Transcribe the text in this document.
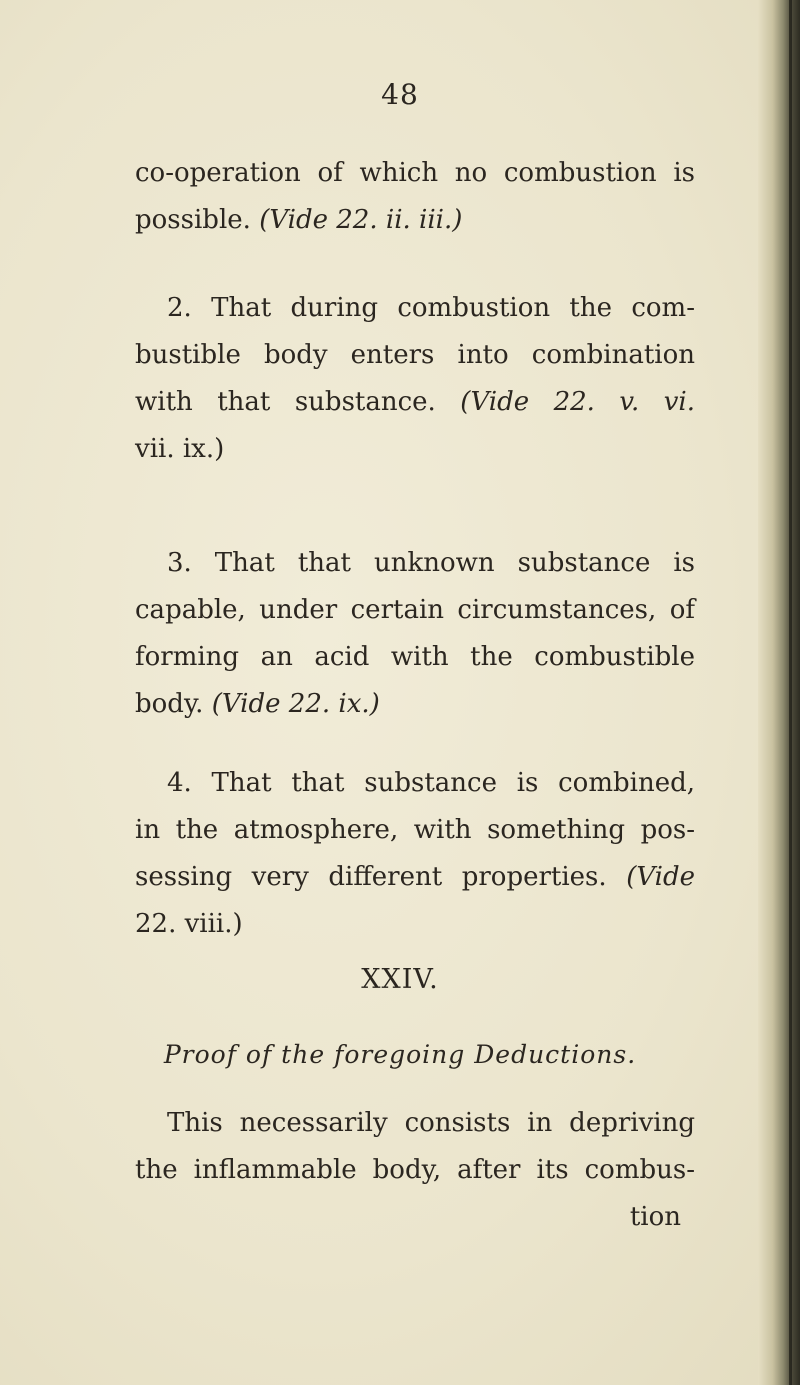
48
co-operation of which no combustion is
possible. (Vide 22. ii. iii.)
2. That during combustion the com-
bustible body enters into combination
with that substance. (Vide 22. v. vi.
vii. ix.)
3. That that unknown substance is
capable, under certain circumstances, of
forming an acid with the combustible
body. (Vide 22. ix.)
4. That that substance is combined,
in the atmosphere, with something pos-
sessing very different properties. (Vide
22. viii.)
XXIV.
Proof of the foregoing Deductions.
This necessarily consists in depriving
the inflammable body, after its combus-
tion
